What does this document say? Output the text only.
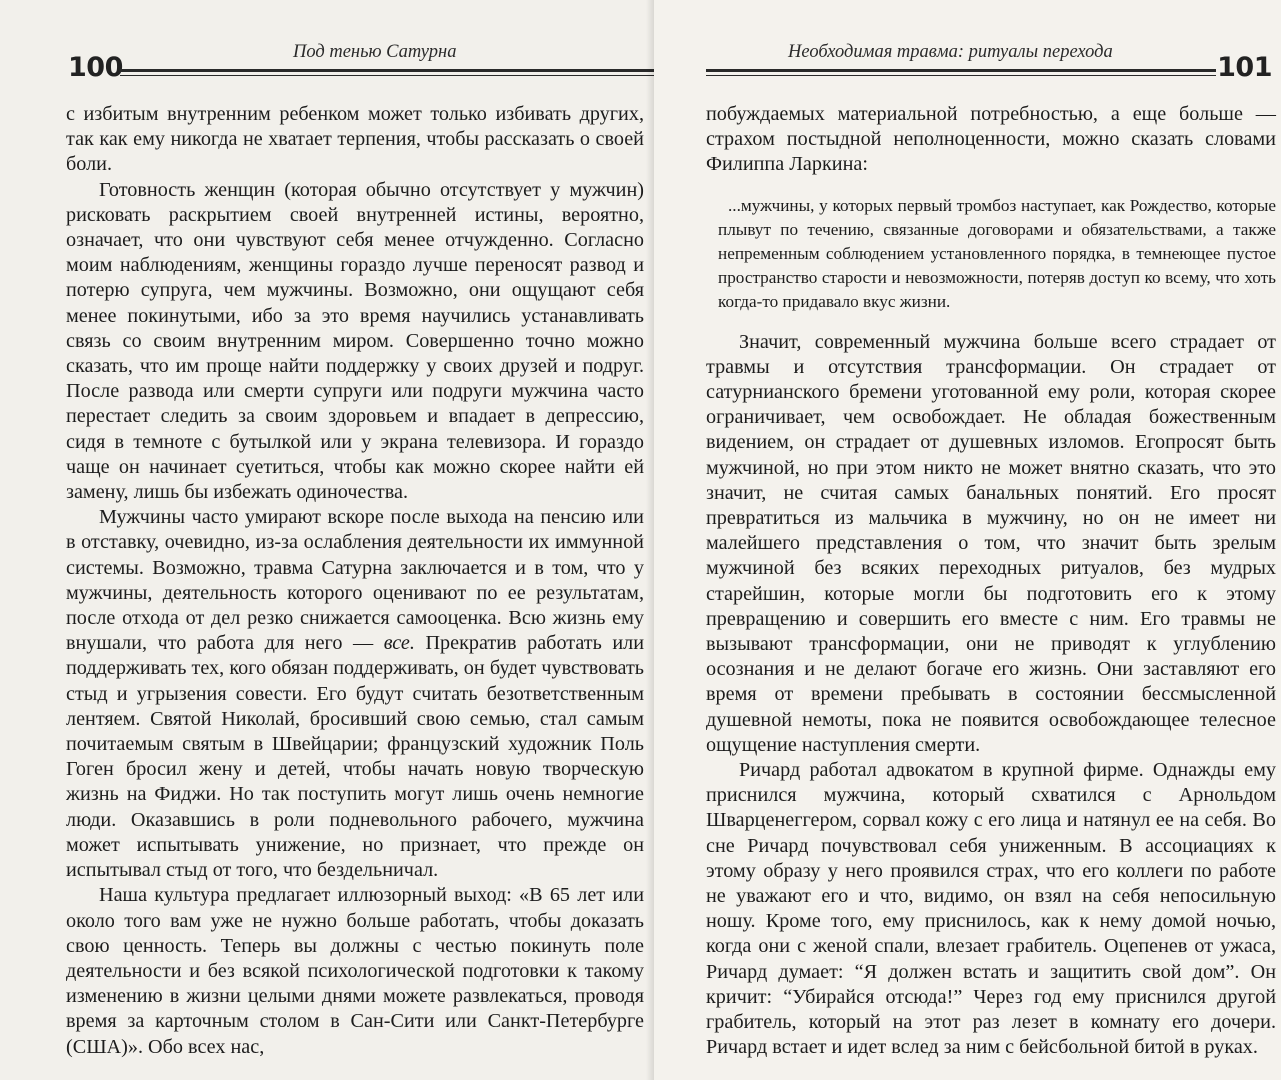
100	Под тенью Сатурна

с избитым внутренним ребенком может только избивать других, так как ему никогда не хватает терпения, чтобы рассказать о своей боли.

Готовность женщин (которая обычно отсутствует у мужчин) рисковать раскрытием своей внутренней истины, вероятно, означает, что они чувствуют себя менее отчужденно. Согласно моим наблюдениям, женщины гораздо лучше переносят развод и потерю супруга, чем мужчины. Возможно, они ощущают себя менее покинутыми, ибо за это время научились устанавливать связь со своим внутренним миром. Совершенно точно можно сказать, что им проще найти поддержку у своих друзей и подруг. После развода или смерти супруги или подруги мужчина часто перестает следить за своим здоровьем и впадает в депрессию, сидя в темноте с бутылкой или у экрана телевизора. И гораздо чаще он начинает суетиться, чтобы как можно скорее найти ей замену, лишь бы избежать одиночества.

Мужчины часто умирают вскоре после выхода на пенсию или в отставку, очевидно, из-за ослабления деятельности их иммунной системы. Возможно, травма Сатурна заключается и в том, что у мужчины, деятельность которого оценивают по ее результатам, после отхода от дел резко снижается самооценка. Всю жизнь ему внушали, что работа для него — все. Прекратив работать или поддерживать тех, кого обязан поддерживать, он будет чувствовать стыд и угрызения совести. Его будут считать безответственным лентяем. Святой Николай, бросивший свою семью, стал самым почитаемым святым в Швейцарии; французский художник Поль Гоген бросил жену и детей, чтобы начать новую творческую жизнь на Фиджи. Но так поступить могут лишь очень немногие люди. Оказавшись в роли подневольного рабочего, мужчина может испытывать унижение, но признает, что прежде он испытывал стыд от того, что бездельничал.

Наша культура предлагает иллюзорный выход: «В 65 лет или около того вам уже не нужно больше работать, чтобы доказать свою ценность. Теперь вы должны с честью покинуть поле деятельности и без всякой психологической подготовки к такому изменению в жизни целыми днями можете развлекаться, проводя время за карточным столом в Сан-Сити или Санкт-Петербурге (США)». Обо всех нас,

Необходимая травма: ритуалы перехода	101

побуждаемых материальной потребностью, а еще больше — страхом постыдной неполноценности, можно сказать словами Филиппа Ларкина:

...мужчины, у которых первый тромбоз наступает, как Рождество, которые плывут по течению, связанные договорами и обязательствами, а также непременным соблюдением установленного порядка, в темнеющее пустое пространство старости и невозможности, потеряв доступ ко всему, что хоть когда-то придавало вкус жизни.

Значит, современный мужчина больше всего страдает от травмы и отсутствия трансформации. Он страдает от сатурнианского бремени уготованной ему роли, которая скорее ограничивает, чем освобождает. Не обладая божественным видением, он страдает от душевных изломов. Егопросят быть мужчиной, но при этом никто не может внятно сказать, что это значит, не считая самых банальных понятий. Его просят превратиться из мальчика в мужчину, но он не имеет ни малейшего представления о том, что значит быть зрелым мужчиной без всяких переходных ритуалов, без мудрых старейшин, которые могли бы подготовить его к этому превращению и совершить его вместе с ним. Его травмы не вызывают трансформации, они не приводят к углублению осознания и не делают богаче его жизнь. Они заставляют его время от времени пребывать в состоянии бессмысленной душевной немоты, пока не появится освобождающее телесное ощущение наступления смерти.

Ричард работал адвокатом в крупной фирме. Однажды ему приснился мужчина, который схватился с Арнольдом Шварценеггером, сорвал кожу с его лица и натянул ее на себя. Во сне Ричард почувствовал себя униженным. В ассоциациях к этому образу у него проявился страх, что его коллеги по работе не уважают его и что, видимо, он взял на себя непосильную ношу. Кроме того, ему приснилось, как к нему домой ночью, когда они с женой спали, влезает грабитель. Оцепенев от ужаса, Ричард думает: “Я должен встать и защитить свой дом”. Он кричит: “Убирайся отсюда!” Через год ему приснился другой грабитель, который на этот раз лезет в комнату его дочери. Ричард встает и идет вслед за ним с бейсбольной битой в руках.
